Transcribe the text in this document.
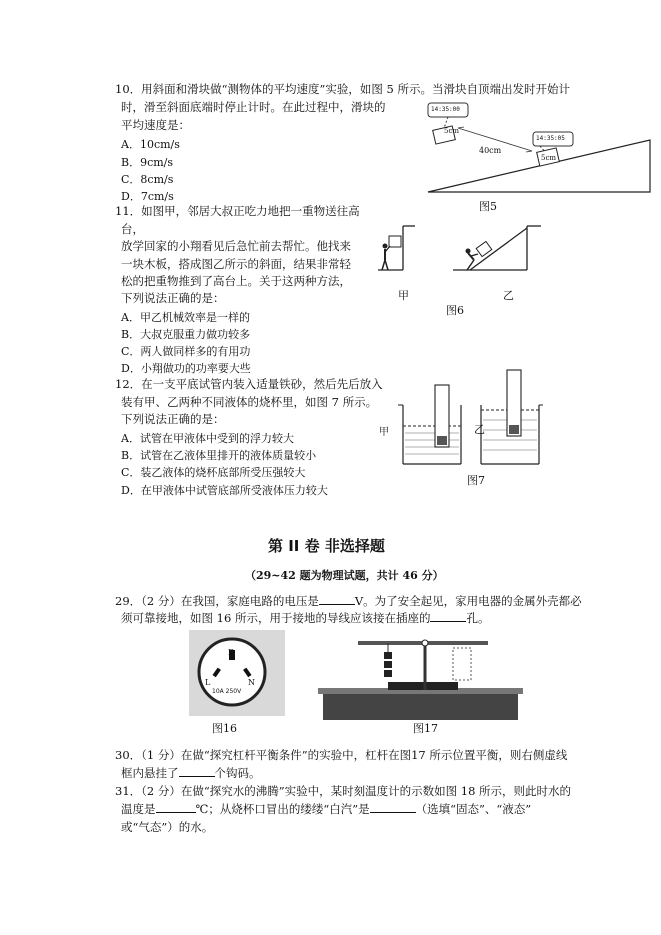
10．用斜面和滑块做“测物体的平均速度”实验，如图 5 所示。当滑块自顶端出发时开始计
时，滑至斜面底端时停止计时。在此过程中，滑块的
平均速度是：
A．10cm/s
B．9cm/s
C．8cm/s
D．7cm/s
14:35:00
14:35:05
5cm
40cm
5cm
图5
11．如图甲，邻居大叔正吃力地把一重物送往高
台，
放学回家的小翔看见后急忙前去帮忙。他找来
一块木板，搭成图乙所示的斜面，结果非常轻
松的把重物推到了高台上。关于这两种方法，
下列说法正确的是：
A．甲乙机械效率是一样的
B．大叔克服重力做功较多
C．两人做同样多的有用功
D．小翔做功的功率要大些
甲	乙
图6
12．在一支平底试管内装入适量铁砂，然后先后放入
装有甲、乙两种不同液体的烧杯里，如图 7 所示。
下列说法正确的是：
A．试管在甲液体中受到的浮力较大
B．试管在乙液体里排开的液体质量较小
C．装乙液体的烧杯底部所受压强较大
D．在甲液体中试管底部所受液体压力较大
甲	乙
图7
第 II 卷 非选择题
（29~42 题为物理试题，共计 46 分）
29．（2 分）在我国，家庭电路的电压是	V。为了安全起见，家用电器的金属外壳都必
须可靠接地，如图 16 所示，用于接地的导线应该接在插座的	孔。
E
L	N
10A 250V
图16	图17
30．（1 分）在做“探究杠杆平衡条件”的实验中，杠杆在图17 所示位置平衡，则右侧虚线
框内悬挂了	个钩码。
31．（2 分）在做“探究水的沸腾”实验中，某时刻温度计的示数如图 18 所示，则此时水的
温度是	℃；从烧杯口冒出的缕缕“白汽”是	（选填“固态”、“液态”
或“气态”）的水。
